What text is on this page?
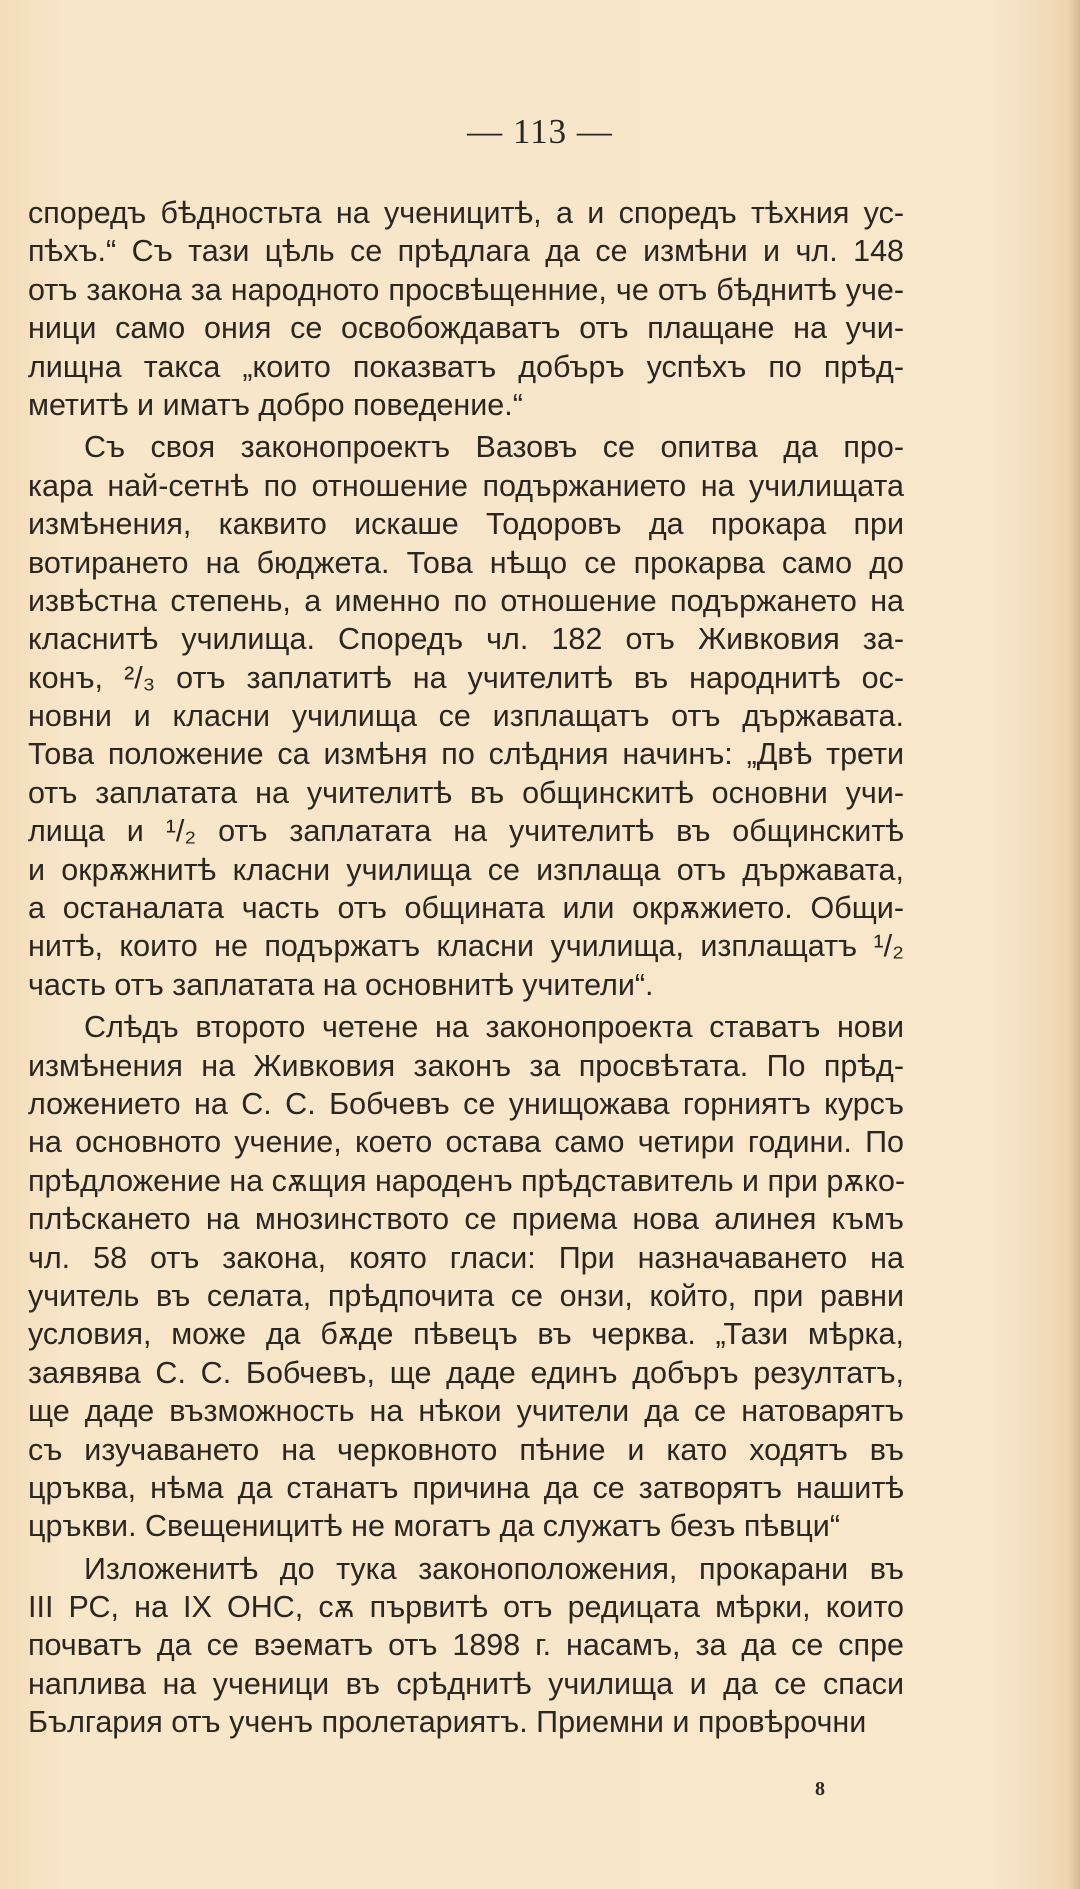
— 113 —
споредъ бѣдностьта на ученицитѣ, а и споредъ тѣхния ус-
пѣхъ.“ Съ тази цѣль се прѣдлага да се измѣни и чл. 148
отъ закона за народното просвѣщенние, че отъ бѣднитѣ уче-
ници само ония се освобождаватъ отъ плащане на учи-
лищна такса „които показватъ добъръ успѣхъ по прѣд-
метитѣ и иматъ добро поведение.“
Съ своя законопроектъ Вазовъ се опитва да про-
кара най-сетнѣ по отношение подържанието на училищата
измѣнения, каквито искаше Тодоровъ да прокара при
вотирането на бюджета. Това нѣщо се прокарва само до
извѣстна степень, а именно по отношение подържането на
класнитѣ училища. Споредъ чл. 182 отъ Живковия за-
конъ, ²/₃ отъ заплатитѣ на учителитѣ въ народнитѣ ос-
новни и класни училища се изплащатъ отъ държавата.
Това положение са измѣня по слѣдния начинъ: „Двѣ трети
отъ заплатата на учителитѣ въ общинскитѣ основни учи-
лища и ¹/₂ отъ заплатата на учителитѣ въ общинскитѣ
и окрѫжнитѣ класни училища се изплаща отъ държавата,
а останалата часть отъ общината или окрѫжието. Общи-
нитѣ, които не подържатъ класни училища, изплащатъ ¹/₂
часть отъ заплатата на основнитѣ учители“.
Слѣдъ второто четене на законопроекта ставатъ нови
измѣнения на Живковия законъ за просвѣтата. По прѣд-
ложението на С. С. Бобчевъ се унищожава горниятъ курсъ
на основното учение, което остава само четири години. По
прѣдложение на сѫщия народенъ прѣдставитель и при рѫко-
плѣскането на мнозинството се приема нова алинея къмъ
чл. 58 отъ закона, която гласи: При назначаването на
учитель въ селата, прѣдпочита се онзи, който, при равни
условия, може да бѫде пѣвецъ въ черква. „Тази мѣрка,
заявява С. С. Бобчевъ, ще даде единъ добъръ резултатъ,
ще даде възможность на нѣкои учители да се натоварятъ
съ изучаването на черковното пѣние и като ходятъ въ
цръква, нѣма да станатъ причина да се затворятъ нашитѣ
цръкви. Свещеницитѣ не могатъ да служатъ безъ пѣвци“
Изложенитѣ до тука законоположения, прокарани въ
III РС, на IX ОНС, сѫ първитѣ отъ редицата мѣрки, които
почватъ да се вэематъ отъ 1898 г. насамъ, за да се спре
наплива на ученици въ срѣднитѣ училища и да се спаси
България отъ ученъ пролетариятъ. Приемни и провѣрочни
8
